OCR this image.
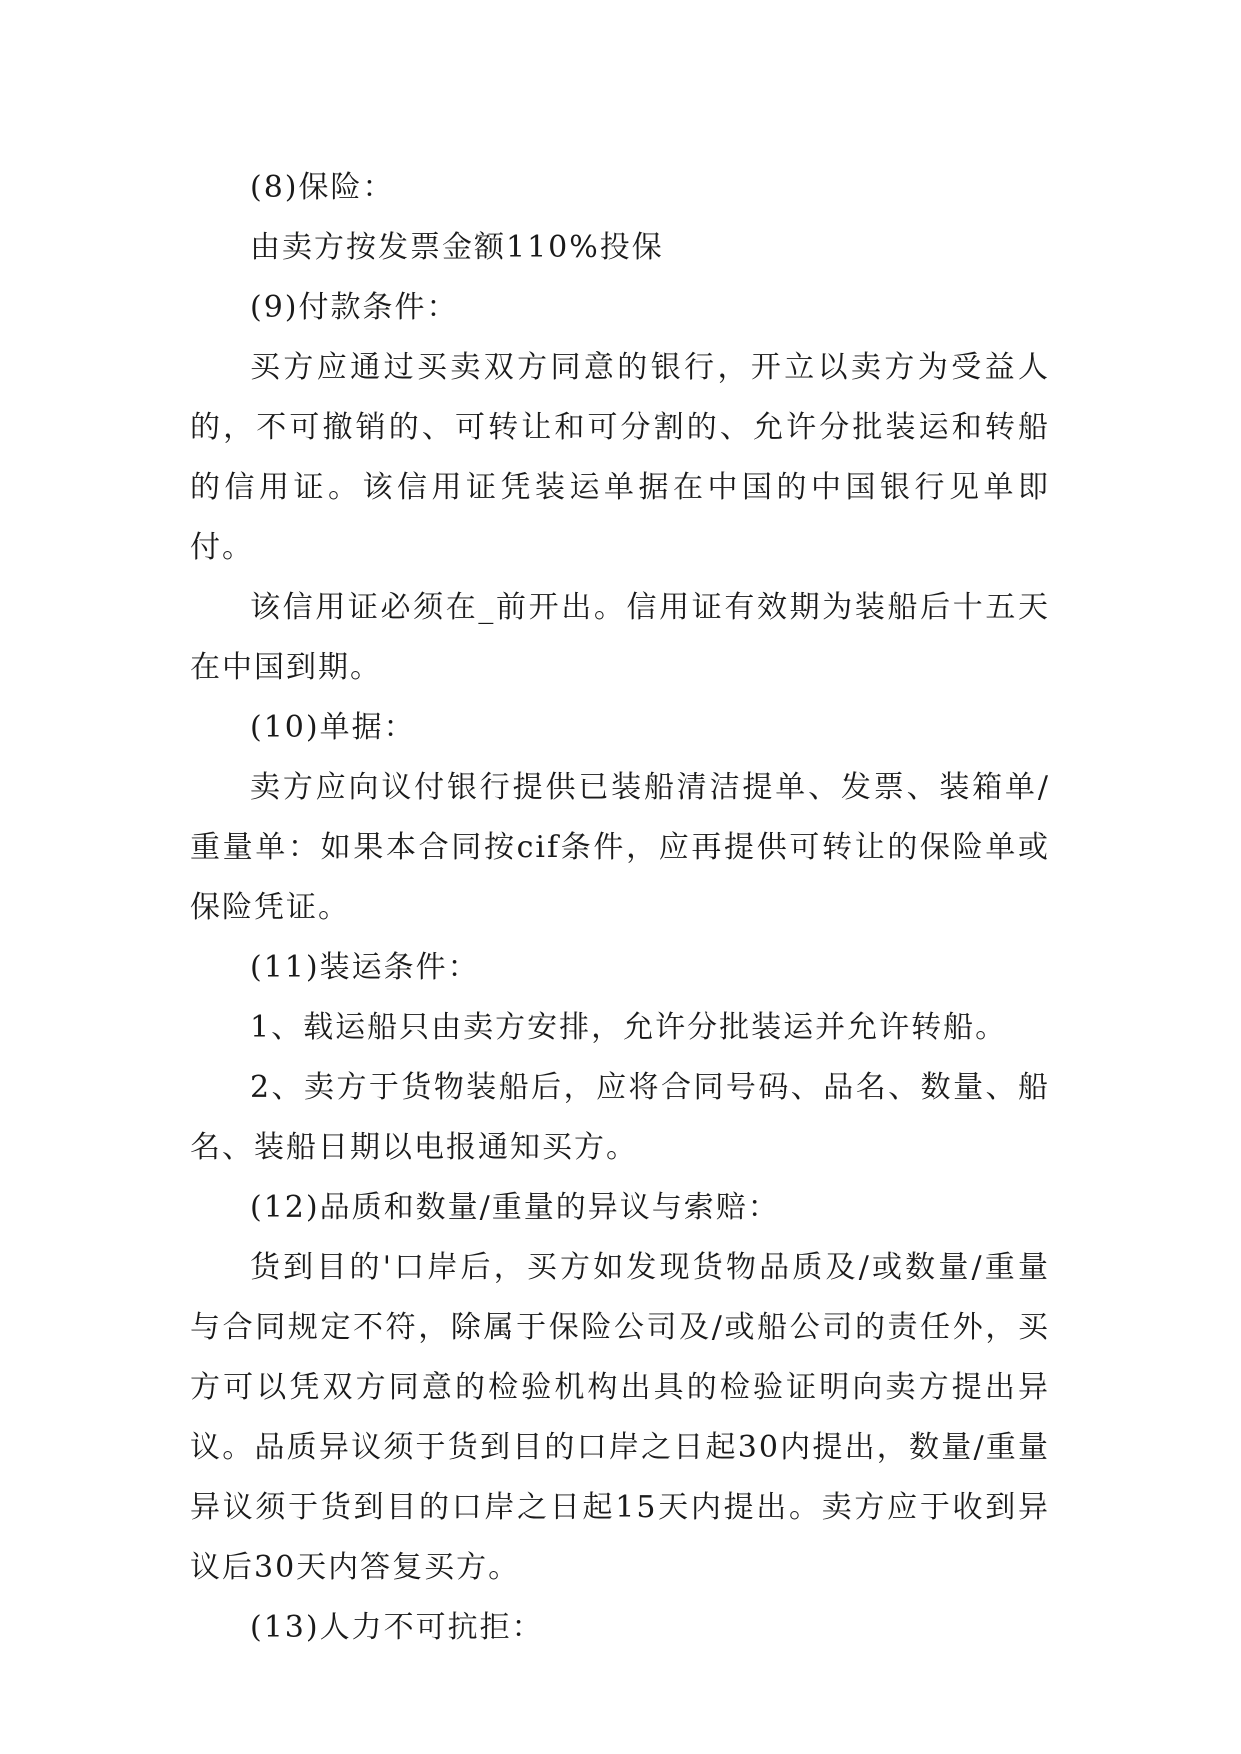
(8)保险：

由卖方按发票金额110%投保

(9)付款条件：

买方应通过买卖双方同意的银行，开立以卖方为受益人的，不可撤销的、可转让和可分割的、允许分批装运和转船的信用证。该信用证凭装运单据在中国的中国银行见单即付。

该信用证必须在_前开出。信用证有效期为装船后十五天在中国到期。

(10)单据：

卖方应向议付银行提供已装船清洁提单、发票、装箱单/重量单：如果本合同按cif条件，应再提供可转让的保险单或保险凭证。

(11)装运条件：

1、载运船只由卖方安排，允许分批装运并允许转船。

2、卖方于货物装船后，应将合同号码、品名、数量、船名、装船日期以电报通知买方。

(12)品质和数量/重量的异议与索赔：

货到目的'口岸后，买方如发现货物品质及/或数量/重量与合同规定不符，除属于保险公司及/或船公司的责任外，买方可以凭双方同意的检验机构出具的检验证明向卖方提出异议。品质异议须于货到目的口岸之日起30内提出，数量/重量异议须于货到目的口岸之日起15天内提出。卖方应于收到异议后30天内答复买方。

(13)人力不可抗拒：
